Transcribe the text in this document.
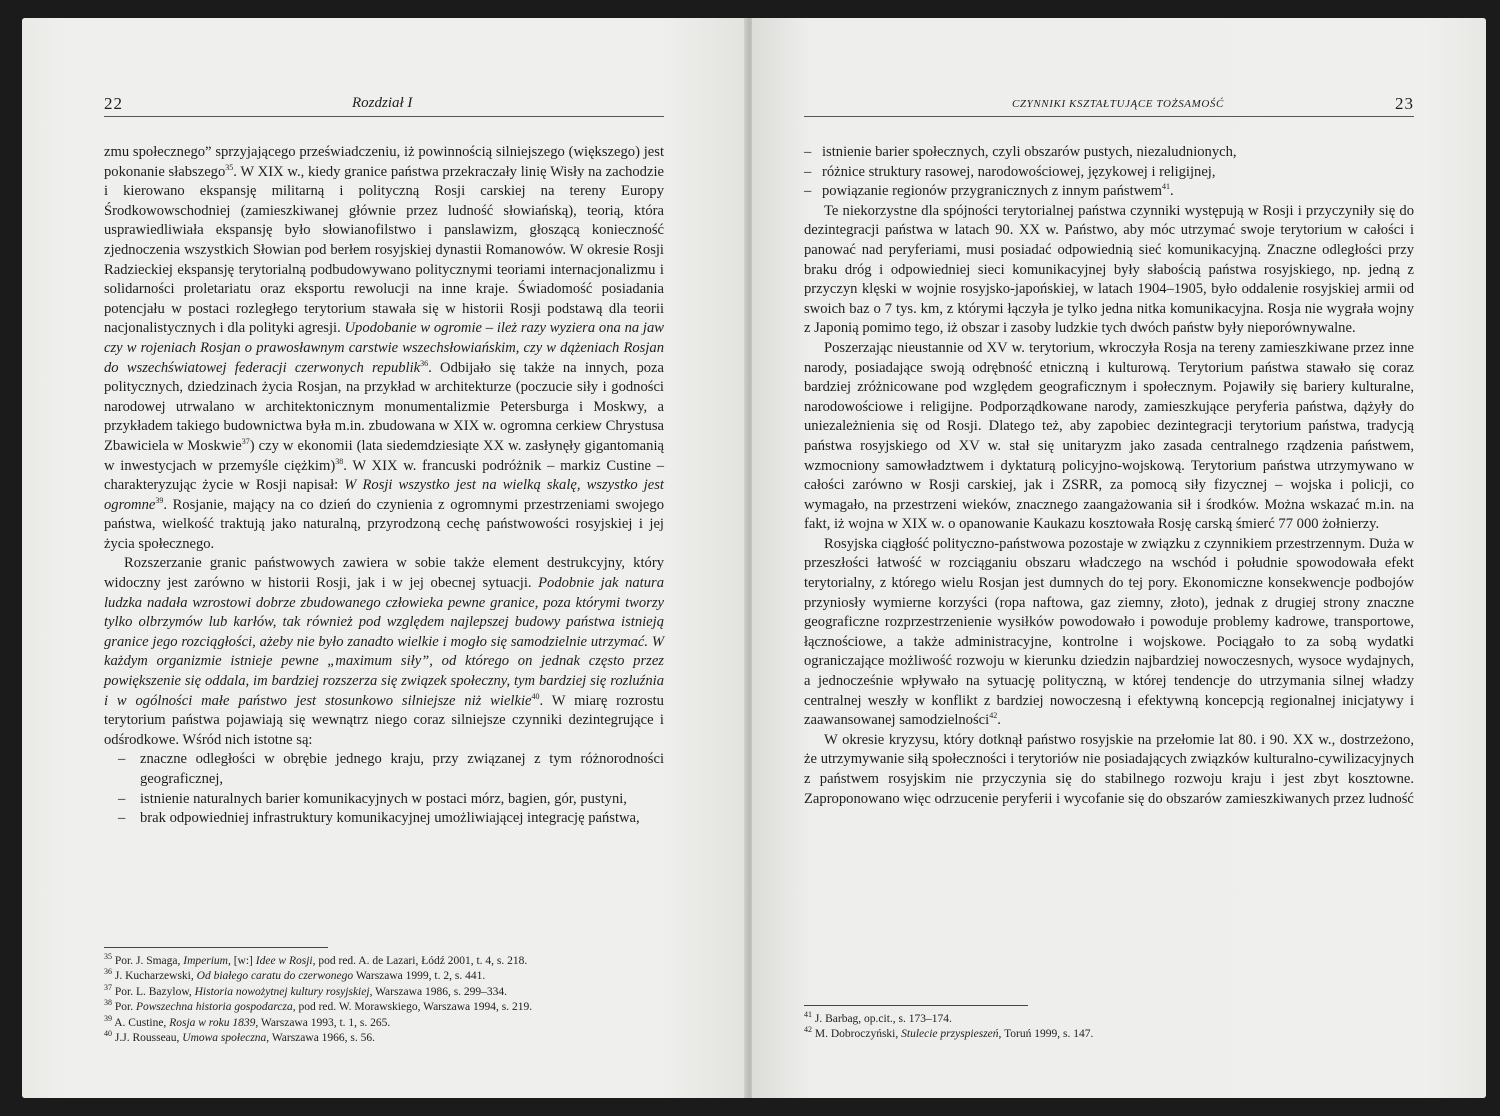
22	Rozdział I

zmu społecznego” sprzyjającego przeświadczeniu, iż powinnością silniejszego (większego) jest pokonanie słabszego$^{35}$. W XIX w., kiedy granice państwa przekraczały linię Wisły na zachodzie i kierowano ekspansję militarną i polityczną Rosji carskiej na tereny Europy Środkowowschodniej (zamieszkiwanej głównie przez ludność słowiańską), teorią, która usprawiedliwiała ekspansję było słowianofilstwo i panslawizm, głoszącą konieczność zjednoczenia wszystkich Słowian pod berłem rosyjskiej dynastii Romanowów. W okresie Rosji Radzieckiej ekspansję terytorialną podbudowywano politycznymi teoriami internacjonalizmu i solidarności proletariatu oraz eksportu rewolucji na inne kraje. Świadomość posiadania potencjału w postaci rozległego terytorium stawała się w historii Rosji podstawą dla teorii nacjonalistycznych i dla polityki agresji. Upodobanie w ogromie – ileż razy wyziera ona na jaw czy w rojeniach Rosjan o prawosławnym carstwie wszechsłowiańskim, czy w dążeniach Rosjan do wszechświatowej federacji czerwonych republik$^{36}$. Odbijało się także na innych, poza politycznych, dziedzinach życia Rosjan, na przykład w architekturze (poczucie siły i godności narodowej utrwalano w architektonicznym monumentalizmie Petersburga i Moskwy, a przykładem takiego budownictwa była m.in. zbudowana w XIX w. ogromna cerkiew Chrystusa Zbawiciela w Moskwie$^{37}$) czy w ekonomii (lata siedemdziesiąte XX w. zasłynęły gigantomanią w inwestycjach w przemyśle ciężkim)$^{38}$. W XIX w. francuski podróżnik – markiz Custine – charakteryzując życie w Rosji napisał: W Rosji wszystko jest na wielką skalę, wszystko jest ogromne$^{39}$. Rosjanie, mający na co dzień do czynienia z ogromnymi przestrzeniami swojego państwa, wielkość traktują jako naturalną, przyrodzoną cechę państwowości rosyjskiej i jej życia społecznego.

Rozszerzanie granic państwowych zawiera w sobie także element destrukcyjny, który widoczny jest zarówno w historii Rosji, jak i w jej obecnej sytuacji. Podobnie jak natura ludzka nadała wzrostowi dobrze zbudowanego człowieka pewne granice, poza którymi tworzy tylko olbrzymów lub karłów, tak również pod względem najlepszej budowy państwa istnieją granice jego rozciągłości, ażeby nie było zanadto wielkie i mogło się samodzielnie utrzymać. W każdym organizmie istnieje pewne „maximum siły”, od którego on jednak często przez powiększenie się oddala, im bardziej rozszerza się związek społeczny, tym bardziej się rozluźnia i w ogólności małe państwo jest stosunkowo silniejsze niż wielkie$^{40}$. W miarę rozrostu terytorium państwa pojawiają się wewnątrz niego coraz silniejsze czynniki dezintegrujące i odśrodkowe. Wśród nich istotne są:

– znaczne odległości w obrębie jednego kraju, przy związanej z tym różnorodności geograficznej,
– istnienie naturalnych barier komunikacyjnych w postaci mórz, bagien, gór, pustyni,
– brak odpowiedniej infrastruktury komunikacyjnej umożliwiającej integrację państwa,
$^{35}$ Por. J. Smaga, Imperium, [w:] Idee w Rosji, pod red. A. de Lazari, Łódź 2001, t. 4, s. 218.
$^{36}$ J. Kucharzewski, Od białego caratu do czerwonego Warszawa 1999, t. 2, s. 441.
$^{37}$ Por. L. Bazylow, Historia nowożytnej kultury rosyjskiej, Warszawa 1986, s. 299–334.
$^{38}$ Por. Powszechna historia gospodarcza, pod red. W. Morawskiego, Warszawa 1994, s. 219.
$^{39}$ A. Custine, Rosja w roku 1839, Warszawa 1993, t. 1, s. 265.
$^{40}$ J.J. Rousseau, Umowa społeczna, Warszawa 1966, s. 56.
CZYNNIKI KSZTAŁTUJĄCE TOŻSAMOŚĆ	23
– istnienie barier społecznych, czyli obszarów pustych, niezaludnionych,
– różnice struktury rasowej, narodowościowej, językowej i religijnej,
– powiązanie regionów przygranicznych z innym państwem$^{41}$.

Te niekorzystne dla spójności terytorialnej państwa czynniki występują w Rosji i przyczyniły się do dezintegracji państwa w latach 90. XX w. Państwo, aby móc utrzymać swoje terytorium w całości i panować nad peryferiami, musi posiadać odpowiednią sieć komunikacyjną. Znaczne odległości przy braku dróg i odpowiedniej sieci komunikacyjnej były słabością państwa rosyjskiego, np. jedną z przyczyn klęski w wojnie rosyjsko-japońskiej, w latach 1904–1905, było oddalenie rosyjskiej armii od swoich baz o 7 tys. km, z którymi łączyła je tylko jedna nitka komunikacyjna. Rosja nie wygrała wojny z Japonią pomimo tego, iż obszar i zasoby ludzkie tych dwóch państw były nieporównywalne.

Poszerzając nieustannie od XV w. terytorium, wkroczyła Rosja na tereny zamieszkiwane przez inne narody, posiadające swoją odrębność etniczną i kulturową. Terytorium państwa stawało się coraz bardziej zróżnicowane pod względem geograficznym i społecznym. Pojawiły się bariery kulturalne, narodowościowe i religijne. Podporządkowane narody, zamieszkujące peryferia państwa, dążyły do uniezależnienia się od Rosji. Dlatego też, aby zapobiec dezintegracji terytorium państwa, tradycją państwa rosyjskiego od XV w. stał się unitaryzm jako zasada centralnego rządzenia państwem, wzmocniony samowładztwem i dyktaturą policyjno-wojskową. Terytorium państwa utrzymywano w całości zarówno w Rosji carskiej, jak i ZSRR, za pomocą siły fizycznej – wojska i policji, co wymagało, na przestrzeni wieków, znacznego zaangażowania sił i środków. Można wskazać m.in. na fakt, iż wojna w XIX w. o opanowanie Kaukazu kosztowała Rosję carską śmierć 77 000 żołnierzy.

Rosyjska ciągłość polityczno-państwowa pozostaje w związku z czynnikiem przestrzennym. Duża w przeszłości łatwość w rozciąganiu obszaru władczego na wschód i południe spowodowała efekt terytorialny, z którego wielu Rosjan jest dumnych do tej pory. Ekonomiczne konsekwencje podbojów przyniosły wymierne korzyści (ropa naftowa, gaz ziemny, złoto), jednak z drugiej strony znaczne geograficzne rozprzestrzenienie wysiłków powodowało i powoduje problemy kadrowe, transportowe, łącznościowe, a także administracyjne, kontrolne i wojskowe. Pociągało to za sobą wydatki ograniczające możliwość rozwoju w kierunku dziedzin najbardziej nowoczesnych, wysoce wydajnych, a jednocześnie wpływało na sytuację polityczną, w której tendencje do utrzymania silnej władzy centralnej weszły w konflikt z bardziej nowoczesną i efektywną koncepcją regionalnej inicjatywy i zaawansowanej samodzielności$^{42}$.

W okresie kryzysu, który dotknął państwo rosyjskie na przełomie lat 80. i 90. XX w., dostrzeżono, że utrzymywanie siłą społeczności i terytoriów nie posiadających związków kulturalno-cywilizacyjnych z państwem rosyjskim nie przyczynia się do stabilnego rozwoju kraju i jest zbyt kosztowne. Zaproponowano więc odrzucenie peryferii i wycofanie się do obszarów zamieszkiwanych przez ludność

$^{41}$ J. Barbag, op.cit., s. 173–174.
$^{42}$ M. Dobroczyński, Stulecie przyspieszeń, Toruń 1999, s. 147.
